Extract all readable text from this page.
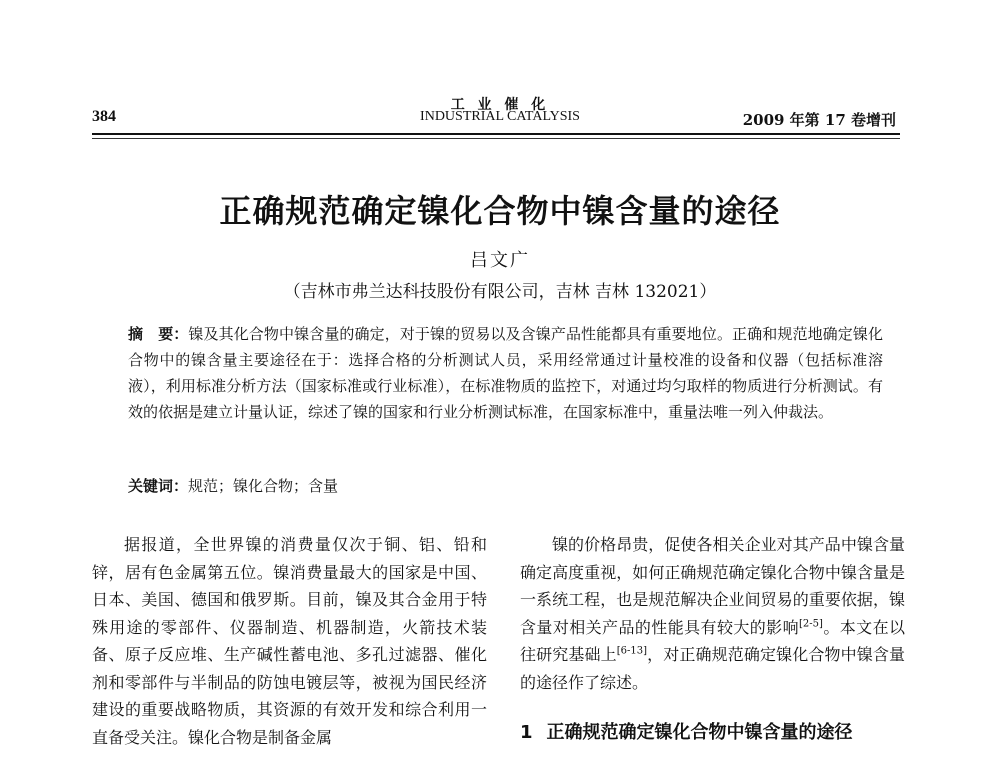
工 业 催 化
INDUSTRIAL CATALYSIS
384	2009 年第 17 卷增刊
正确规范确定镍化合物中镍含量的途径
吕文广
（吉林市弗兰达科技股份有限公司，吉林 吉林 132021）
摘　要：镍及其化合物中镍含量的确定，对于镍的贸易以及含镍产品性能都具有重要地位。正确和规范地确定镍化合物中的镍含量主要途径在于：选择合格的分析测试人员，采用经常通过计量校准的设备和仪器（包括标准溶液），利用标准分析方法（国家标准或行业标准），在标准物质的监控下，对通过均匀取样的物质进行分析测试。有效的依据是建立计量认证，综述了镍的国家和行业分析测试标准，在国家标准中，重量法唯一列入仲裁法。
关键词：规范；镍化合物；含量
据报道，全世界镍的消费量仅次于铜、铝、铅和锌，居有色金属第五位。镍消费量最大的国家是中国、日本、美国、德国和俄罗斯。目前，镍及其合金用于特殊用途的零部件、仪器制造、机器制造，火箭技术装备、原子反应堆、生产碱性蓄电池、多孔过滤器、催化剂和零部件与半制品的防蚀电镀层等，被视为国民经济建设的重要战略物质，其资源的有效开发和综合利用一直备受关注。镍化合物是制备金属
镍的价格昂贵，促使各相关企业对其产品中镍含量确定高度重视，如何正确规范确定镍化合物中镍含量是一系统工程，也是规范解决企业间贸易的重要依据，镍含量对相关产品的性能具有较大的影响[2-5]。本文在以往研究基础上[6-13]，对正确规范确定镍化合物中镍含量的途径作了综述。
1 正确规范确定镍化合物中镍含量的途径
